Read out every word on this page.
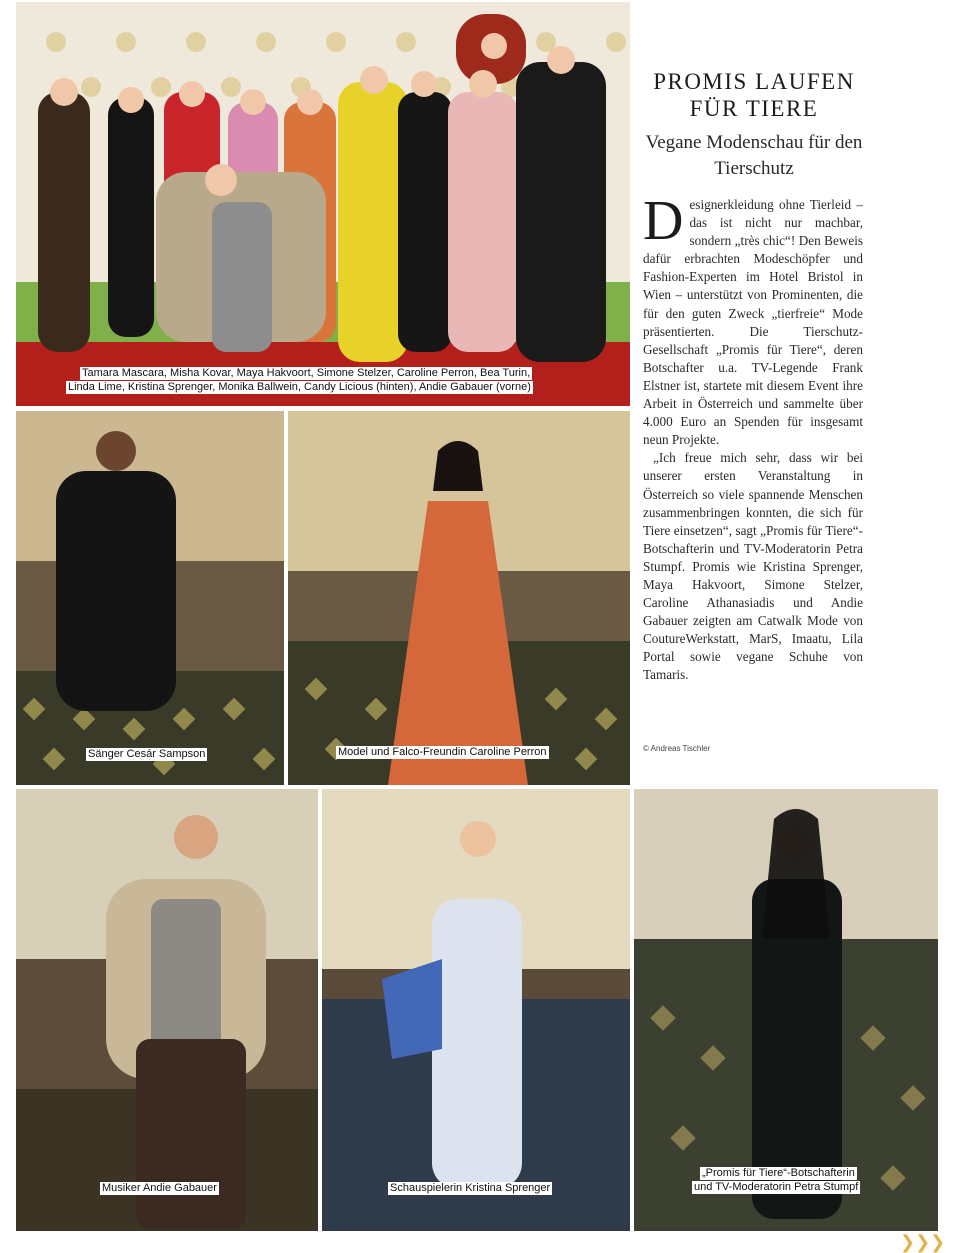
Tamara Mascara, Misha Kovar, Maya Hakvoort, Simone Stelzer, Caroline Perron, Bea Turin,
Linda Lime, Kristina Sprenger, Monika Ballwein, Candy Licious (hinten), Andie Gabauer (vorne)
Sänger Cesár Sampson	Model und Falco-Freundin Caroline Perron
Musiker Andie Gabauer	Schauspielerin Kristina Sprenger
„Promis für Tiere“-Botschafterin
und TV-Moderatorin Petra Stumpf
PROMIS LAUFEN FÜR TIERE
Vegane Modenschau für den Tierschutz

Designerkleidung ohne Tierleid – das ist nicht nur machbar, sondern „très chic“! Den Beweis dafür erbrachten Modeschöpfer und Fashion-Experten im Hotel Bristol in Wien – unterstützt von Prominenten, die für den guten Zweck „tierfreie“ Mode präsentierten. Die Tierschutz-Gesellschaft „Promis für Tiere“, deren Botschafter u.a. TV-Legende Frank Elstner ist, startete mit diesem Event ihre Arbeit in Österreich und sammelte über 4.000 Euro an Spenden für insgesamt neun Projekte.

„Ich freue mich sehr, dass wir bei unserer ersten Veranstaltung in Österreich so viele spannende Menschen zusammenbringen konnten, die sich für Tiere einsetzen“, sagt „Promis für Tiere“-Botschafterin und TV-Moderatorin Petra Stumpf. Promis wie Kristina Sprenger, Maya Hakvoort, Simone Stelzer, Caroline Athanasiadis und Andie Gabauer zeigten am Catwalk Mode von CoutureWerkstatt, MarS, Imaatu, Lila Portal sowie vegane Schuhe von Tamaris.

© Andreas Tischler
❯❯❯
